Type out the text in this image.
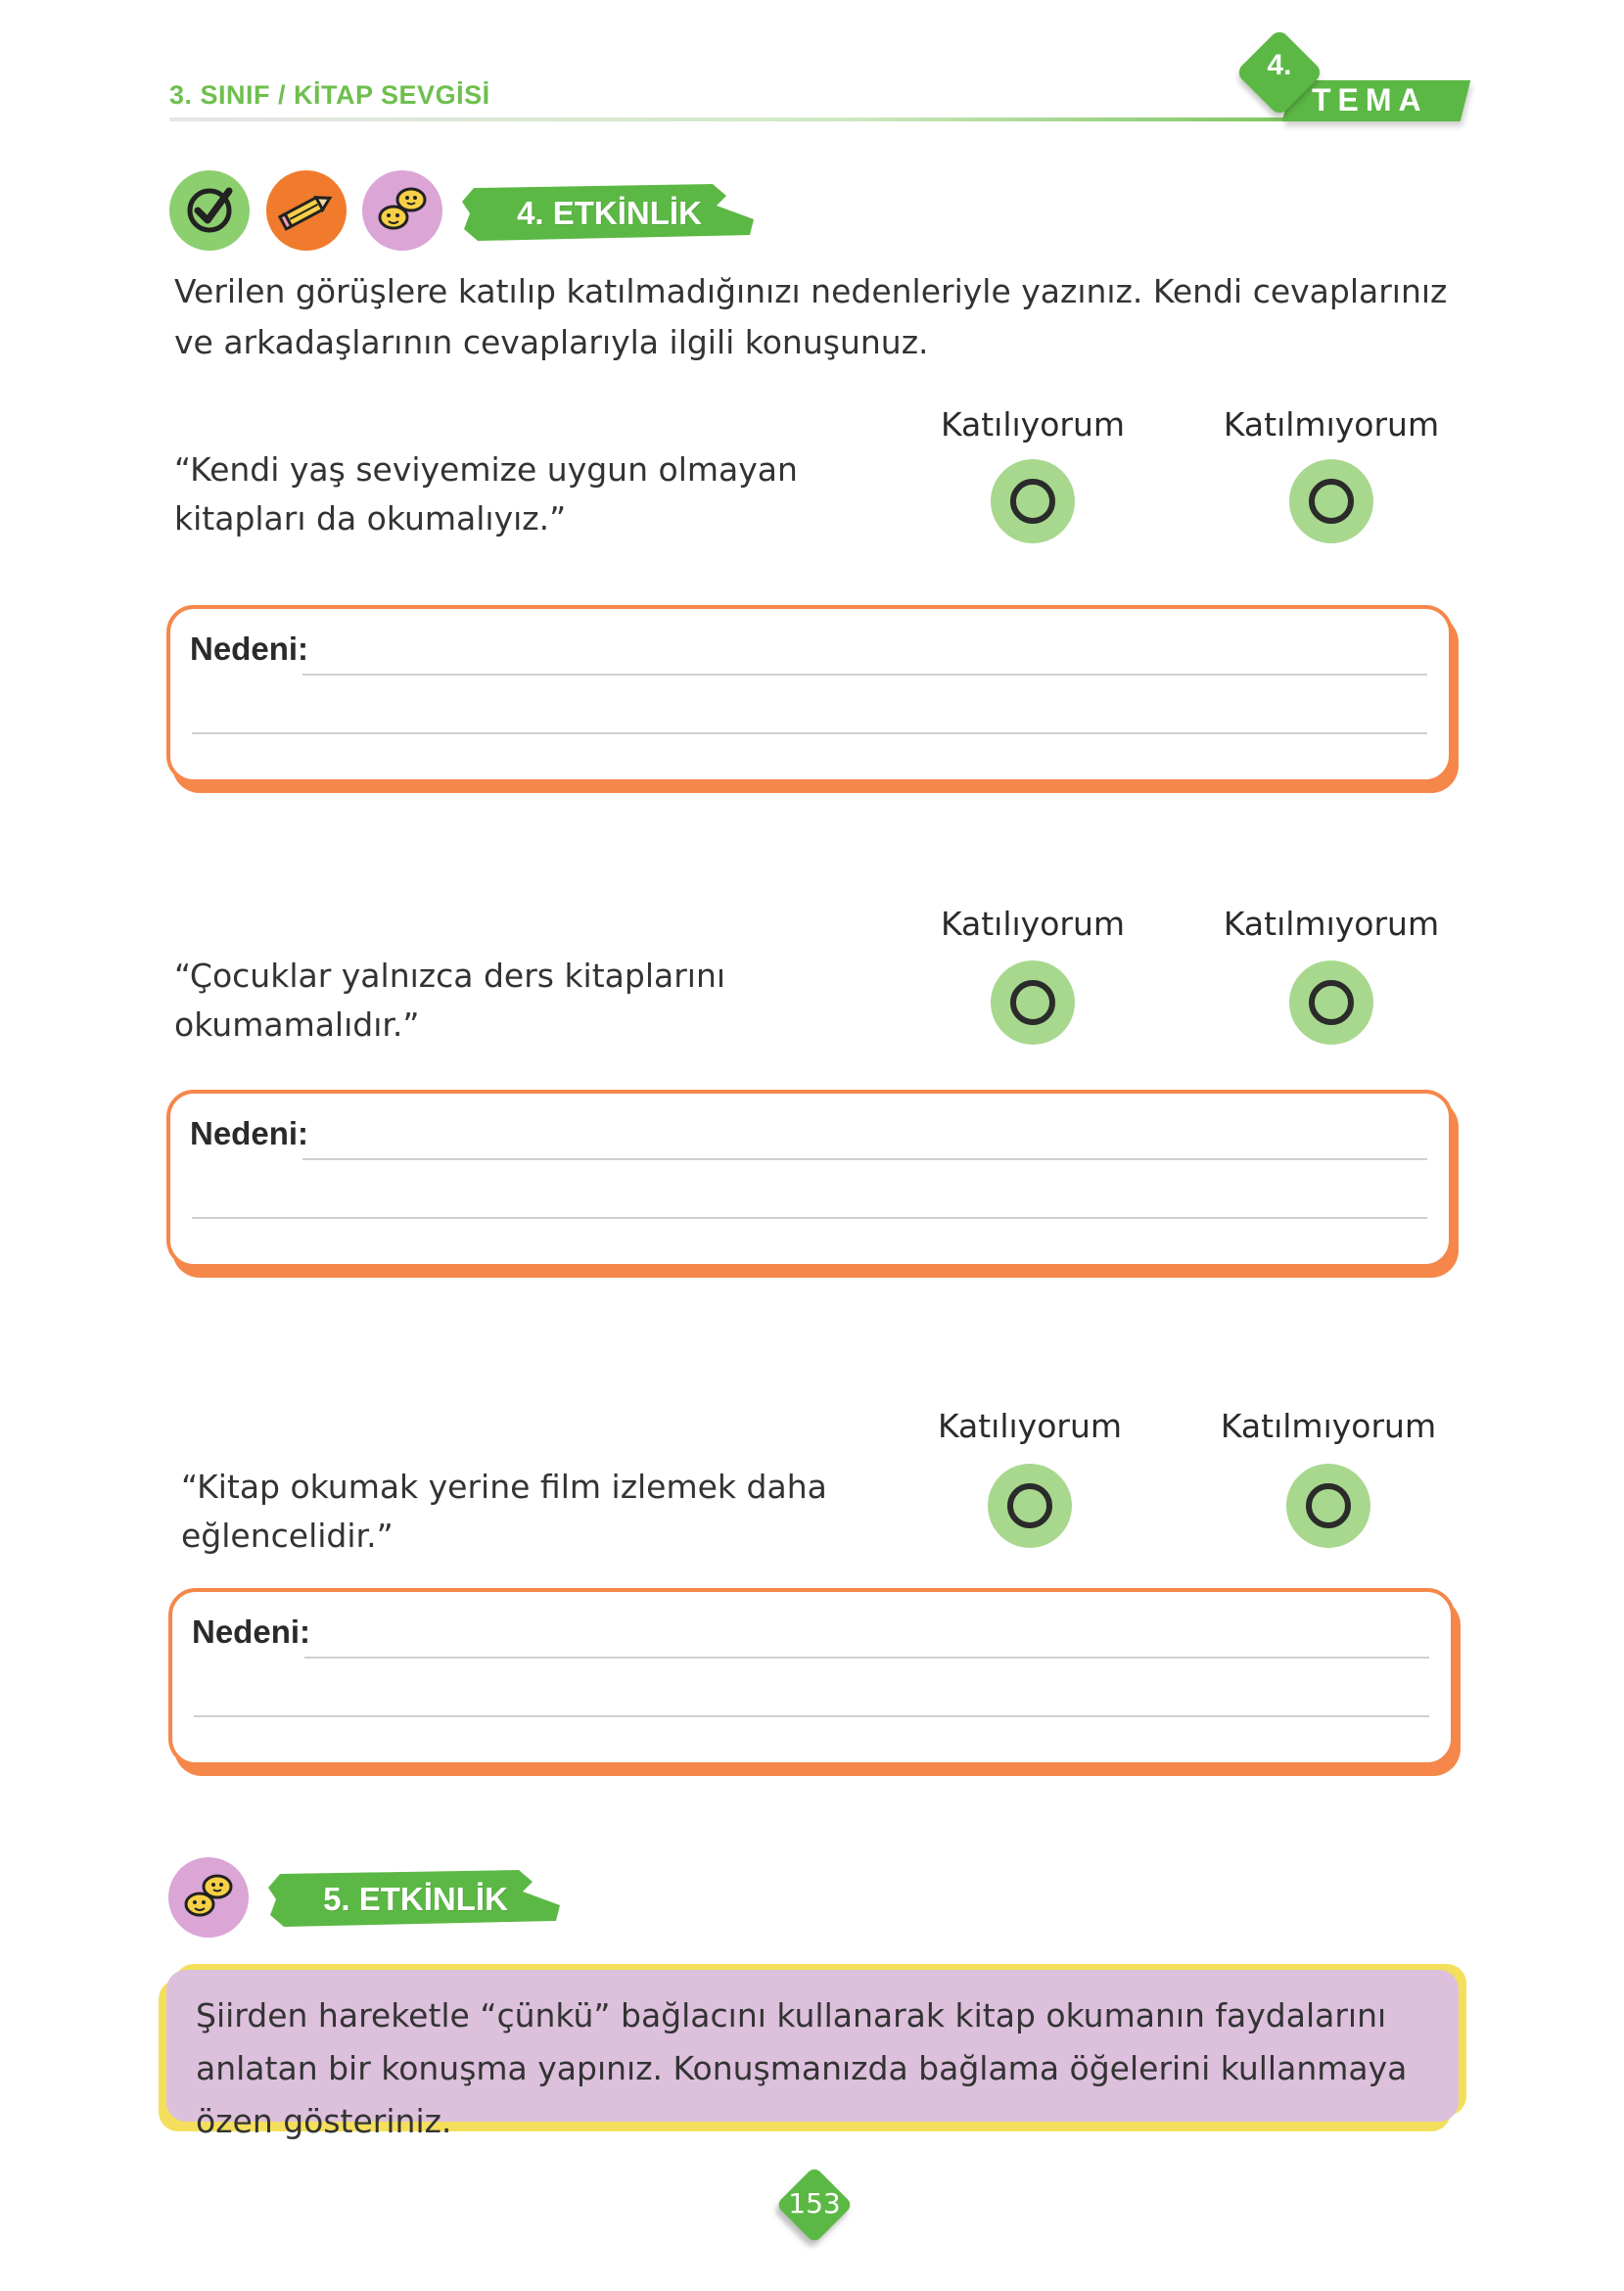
3. SINIF / KİTAP SEVGİSİ	TEMA
4.
4. ETKİNLİK
Verilen görüşlere katılıp katılmadığınızı nedenleriyle yazınız. Kendi cevaplarınız ve arkadaşlarının cevaplarıyla ilgili konuşunuz.
“Kendi yaş seviyemize uygun olmayan kitapları da okumalıyız.”
Katılıyorum	Katılmıyorum
Nedeni:
“Çocuklar yalnızca ders kitaplarını okumamalıdır.”
Katılıyorum	Katılmıyorum
Nedeni:
“Kitap okumak yerine film izlemek daha eğlencelidir.”
Katılıyorum	Katılmıyorum
Nedeni:
5. ETKİNLİK
Şiirden hareketle “çünkü” bağlacını kullanarak kitap okumanın faydalarını anlatan bir konuşma yapınız. Konuşmanızda bağlama öğelerini kullanmaya özen gösteriniz.
153
